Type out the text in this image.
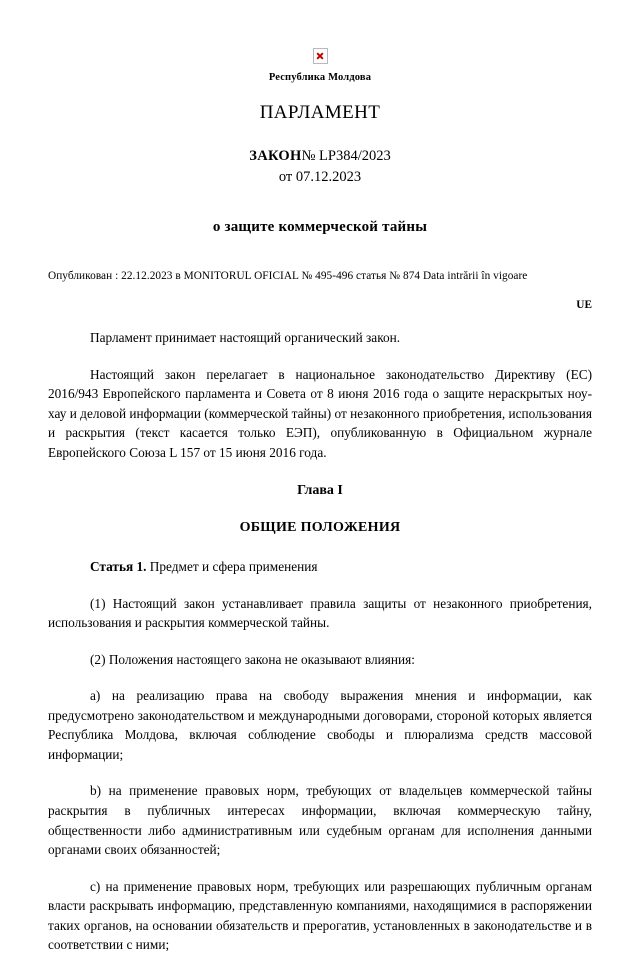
Республика Молдова
ПАРЛАМЕНТ
ЗАКОН№ LP384/2023
от 07.12.2023
о защите коммерческой тайны
Опубликован : 22.12.2023 в MONITORUL OFICIAL № 495-496 статья № 874 Data intrării în vigoare
UE

Парламент принимает настоящий органический закон.

Настоящий закон перелагает в национальное законодательство Директиву (ЕС) 2016/943 Европейского парламента и Совета от 8 июня 2016 года о защите нераскрытых ноу-хау и деловой информации (коммерческой тайны) от незаконного приобретения, использования и раскрытия (текст касается только ЕЭП), опубликованную в Официальном журнале Европейского Союза L 157 от 15 июня 2016 года.

Глава I
ОБЩИЕ ПОЛОЖЕНИЯ

Статья 1. Предмет и сфера применения

(1) Настоящий закон устанавливает правила защиты от незаконного приобретения, использования и раскрытия коммерческой тайны.

(2) Положения настоящего закона не оказывают влияния:

a) на реализацию права на свободу выражения мнения и информации, как предусмотрено законодательством и международными договорами, стороной которых является Республика Молдова, включая соблюдение свободы и плюрализма средств массовой информации;

b) на применение правовых норм, требующих от владельцев коммерческой тайны раскрытия в публичных интересах информации, включая коммерческую тайну, общественности либо административным или судебным органам для исполнения данными органами своих обязанностей;

c) на применение правовых норм, требующих или разрешающих публичным органам власти раскрывать информацию, представленную компаниями, находящимися в распоряжении таких органов, на основании обязательств и прерогатив, установленных в законодательстве и в соответствии с ними;
